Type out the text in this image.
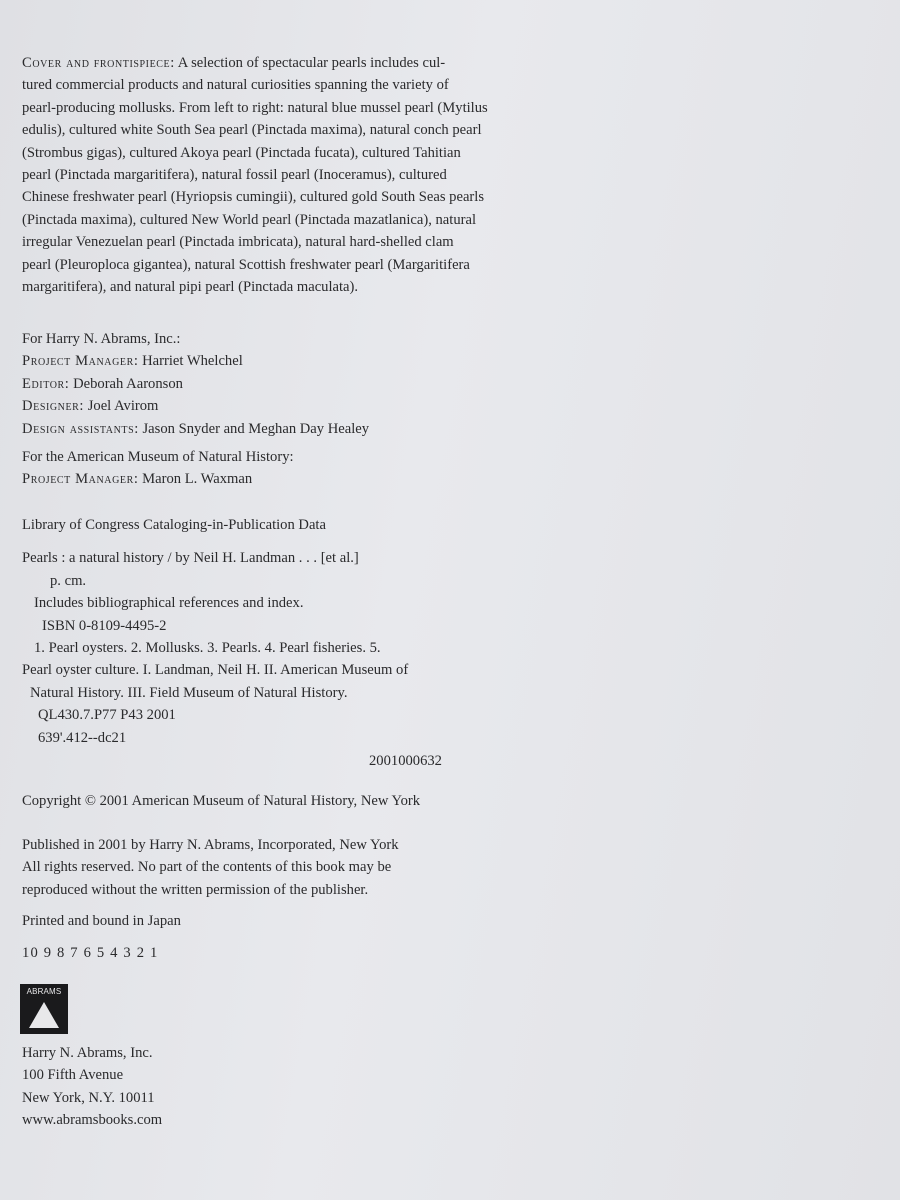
Cover and frontispiece: A selection of spectacular pearls includes cul-
tured commercial products and natural curiosities spanning the variety of
pearl-producing mollusks. From left to right: natural blue mussel pearl (Mytilus
edulis), cultured white South Sea pearl (Pinctada maxima), natural conch pearl
(Strombus gigas), cultured Akoya pearl (Pinctada fucata), cultured Tahitian
pearl (Pinctada margaritifera), natural fossil pearl (Inoceramus), cultured
Chinese freshwater pearl (Hyriopsis cumingii), cultured gold South Seas pearls
(Pinctada maxima), cultured New World pearl (Pinctada mazatlanica), natural
irregular Venezuelan pearl (Pinctada imbricata), natural hard-shelled clam
pearl (Pleuroploca gigantea), natural Scottish freshwater pearl (Margaritifera
margaritifera), and natural pipi pearl (Pinctada maculata).
For Harry N. Abrams, Inc.:
Project Manager: Harriet Whelchel
Editor: Deborah Aaronson
Designer: Joel Avirom
Design assistants: Jason Snyder and Meghan Day Healey
For the American Museum of Natural History:
Project Manager: Maron L. Waxman
Library of Congress Cataloging-in-Publication Data
Pearls : a natural history / by Neil H. Landman . . . [et al.]
p. cm.
Includes bibliographical references and index.
ISBN 0-8109-4495-2
1. Pearl oysters. 2. Mollusks. 3. Pearls. 4. Pearl fisheries. 5.
Pearl oyster culture. I. Landman, Neil H. II. American Museum of
Natural History. III. Field Museum of Natural History.
QL430.7.P77 P43 2001
639'.412--dc21
2001000632
Copyright © 2001 American Museum of Natural History, New York
Published in 2001 by Harry N. Abrams, Incorporated, New York
All rights reserved. No part of the contents of this book may be
reproduced without the written permission of the publisher.
Printed and bound in Japan
10 9 8 7 6 5 4 3 2 1
ABRAMS
Harry N. Abrams, Inc.
100 Fifth Avenue
New York, N.Y. 10011
www.abramsbooks.com
